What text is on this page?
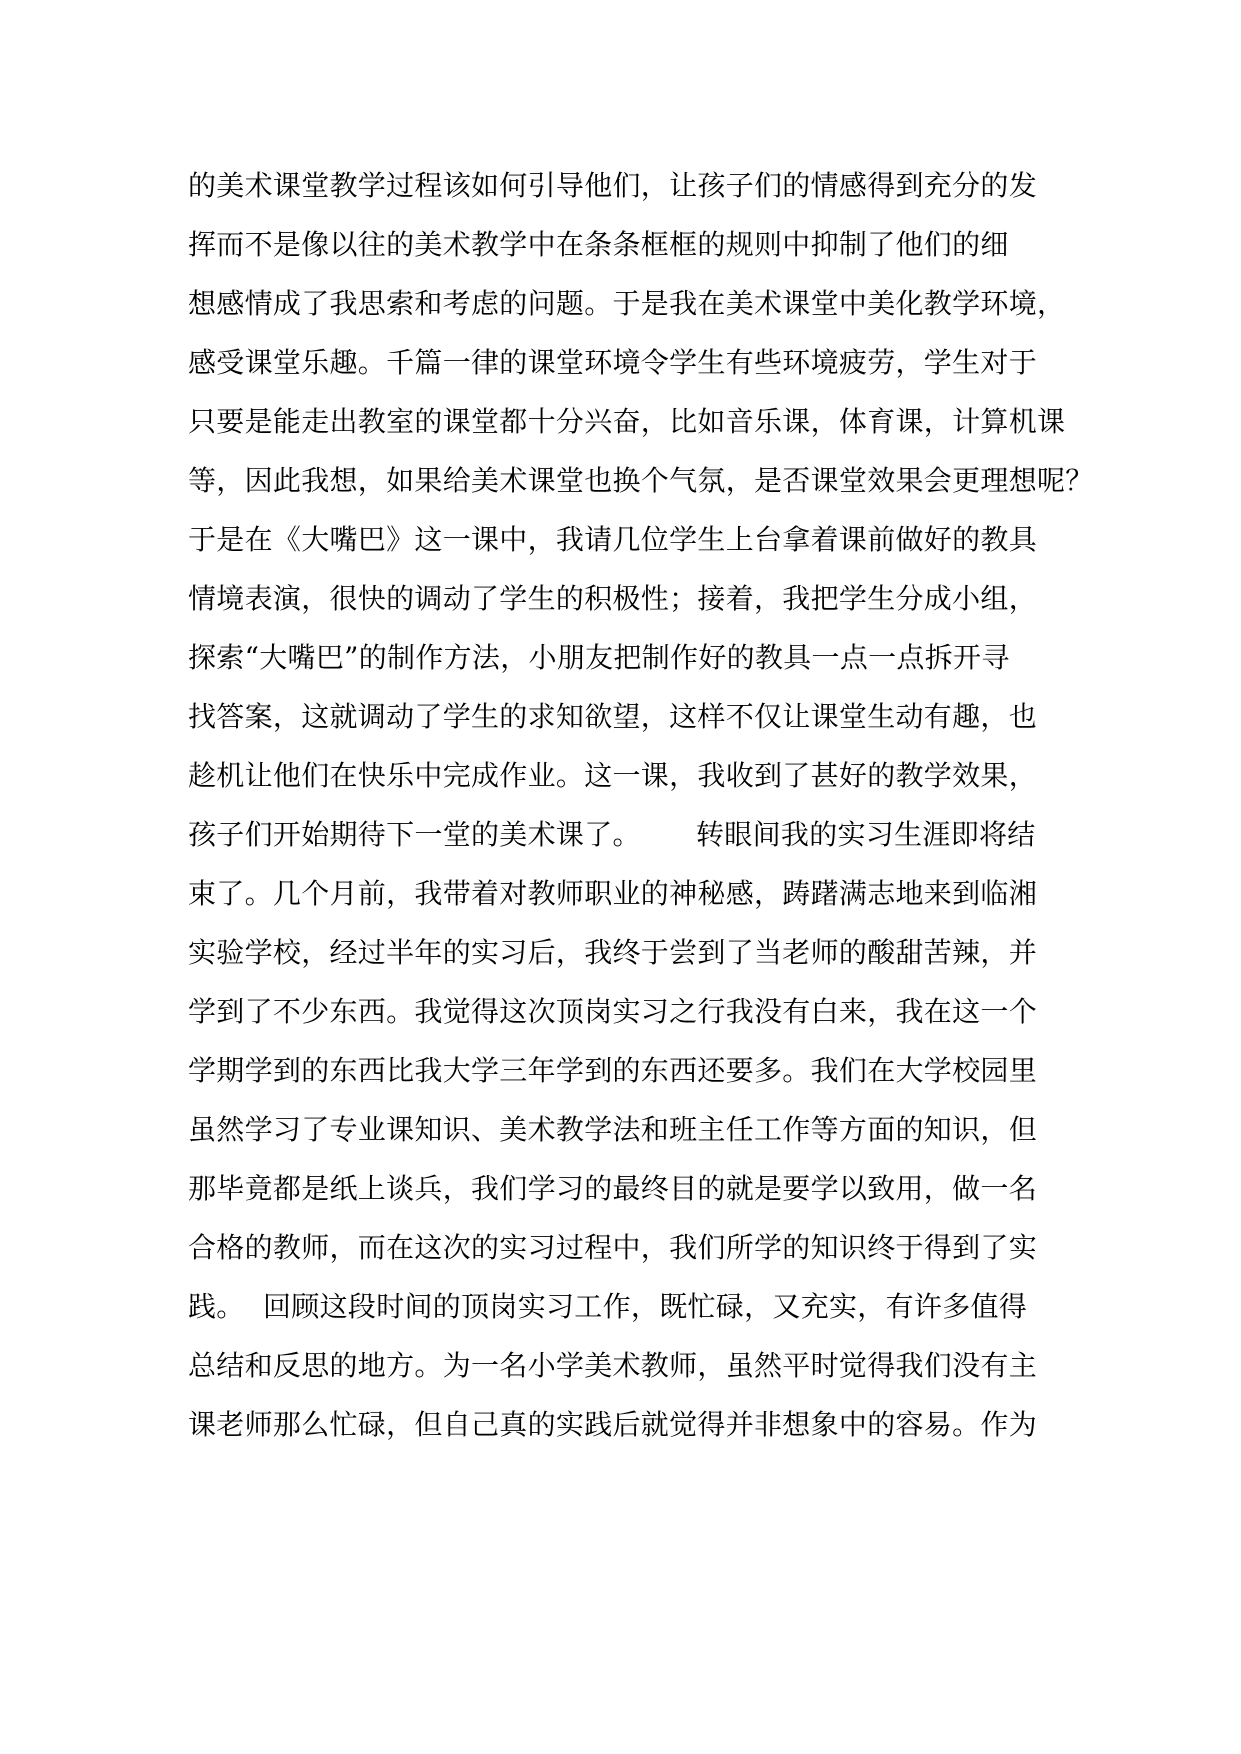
的美术课堂教学过程该如何引导他们，让孩子们的情感得到充分的发
挥而不是像以往的美术教学中在条条框框的规则中抑制了他们的细
想感情成了我思索和考虑的问题。于是我在美术课堂中美化教学环境，
感受课堂乐趣。千篇一律的课堂环境令学生有些环境疲劳，学生对于
只要是能走出教室的课堂都十分兴奋，比如音乐课，体育课，计算机课
等，因此我想，如果给美术课堂也换个气氛，是否课堂效果会更理想呢？
于是在《大嘴巴》这一课中，我请几位学生上台拿着课前做好的教具
情境表演，很快的调动了学生的积极性；接着，我把学生分成小组，
探索“大嘴巴”的制作方法，小朋友把制作好的教具一点一点拆开寻
找答案，这就调动了学生的求知欲望，这样不仅让课堂生动有趣，也
趁机让他们在快乐中完成作业。这一课，我收到了甚好的教学效果，
孩子们开始期待下一堂的美术课了。      转眼间我的实习生涯即将结
束了。几个月前，我带着对教师职业的神秘感，踌躇满志地来到临湘
实验学校，经过半年的实习后，我终于尝到了当老师的酸甜苦辣，并
学到了不少东西。我觉得这次顶岗实习之行我没有白来，我在这一个
学期学到的东西比我大学三年学到的东西还要多。我们在大学校园里
虽然学习了专业课知识、美术教学法和班主任工作等方面的知识，但
那毕竟都是纸上谈兵，我们学习的最终目的就是要学以致用，做一名
合格的教师，而在这次的实习过程中，我们所学的知识终于得到了实
践。  回顾这段时间的顶岗实习工作，既忙碌，又充实，有许多值得
总结和反思的地方。为一名小学美术教师，虽然平时觉得我们没有主
课老师那么忙碌，但自己真的实践后就觉得并非想象中的容易。作为
